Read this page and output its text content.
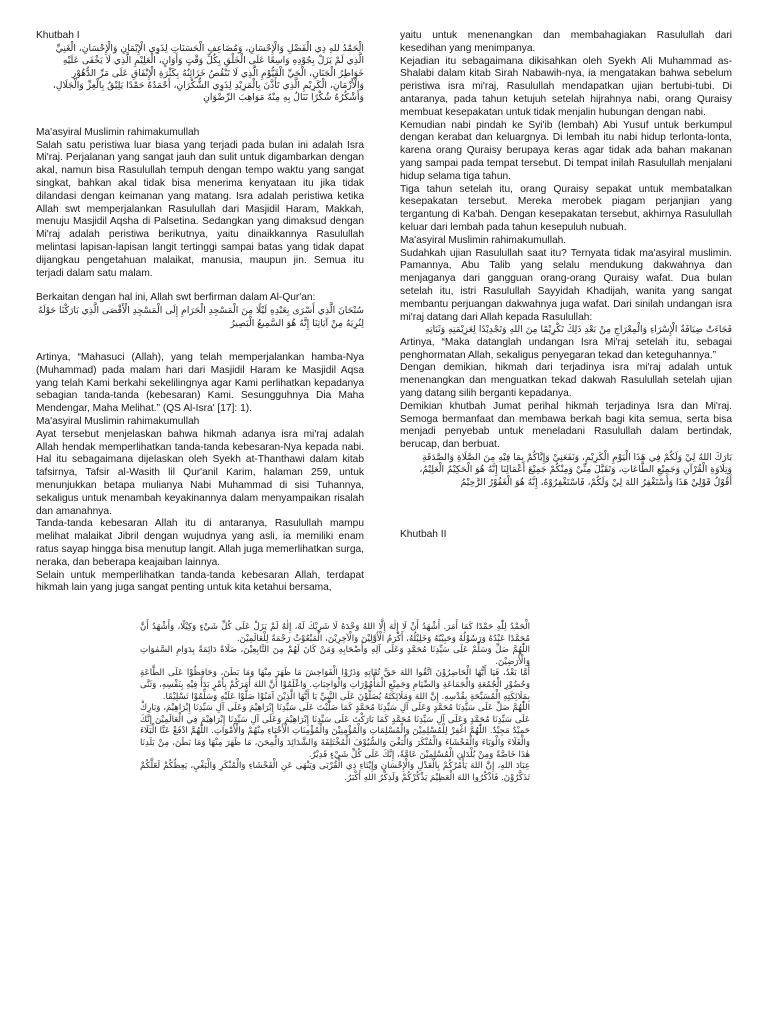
Khutbah I

الْحَمْدُ للهِ ذِي الْفَضْلِ وَالْإِحْسَانِ، وَمُضَاعِفِ الْحَسَنَاتِ لِذَوِي الْإِيْمَانِ وَالْإِحْسَانِ، الْغَنِيِّ الَّذِي لَمْ يَزَلْ بِجُوْدِهِ وَاسِعًا عَلَى الْخَلْقِ بِكُلِّ وَقْتٍ وَأَوَانٍ، الْعَلِيْمِ الَّذِي لَا يَخْفَى عَلَيْهِ خَوَاطِرُ الْجَنَانِ، الْحَيِّ الْقَيُّوْمِ الَّذِي لَا تَنْقُصُ خَزَائِنُهُ بِكَثْرَةِ الْإِنْفَاقِ عَلَى مَرِّ الدُّهُوْرِ وَالْأَزْمَانِ، الْكَرِيْمِ الَّذِي تَأَذَّنَ بِالْمَزِيْدِ لِذَوِي الشُّكْرَانِ، أَحْمَدُهُ حَمْدًا يَلِيْقُ بِالْعِزِّ وَالْجَلَالِ، وَأَشْكُرُهُ شُكْرًا نَنَالُ بِهِ مِنْهُ مَوَاهِبَ الرِّضْوَانِ

Ma'asyiral Muslimin rahimakumullah

Salah satu peristiwa luar biasa yang terjadi pada bulan ini adalah Isra Mi'raj. Perjalanan yang sangat jauh dan sulit untuk digambarkan dengan akal, namun bisa Rasulullah tempuh dengan tempo waktu yang sangat singkat, bahkan akal tidak bisa menerima kenyataan itu jika tidak dilandasi dengan keimanan yang matang. Isra adalah peristiwa ketika Allah swt memperjalankan Rasulullah dari Masjidil Haram, Makkah, menuju Masjidil Aqsha di Palsetina. Sedangkan yang dimaksud dengan Mi'raj adalah peristiwa berikutnya, yaitu dinaikkannya Rasulullah melintasi lapisan-lapisan langit tertinggi sampai batas yang tidak dapat dijangkau pengetahuan malaikat, manusia, maupun jin. Semua itu terjadi dalam satu malam.

Berkaitan dengan hal ini, Allah swt berfirman dalam Al-Qur'an:

سُبْحَانَ الَّذِي أَسْرَى بِعَبْدِهِ لَيْلًا مِنَ الْمَسْجِدِ الْحَرَامِ إِلَى الْمَسْجِدِ الْأَقْصَى الَّذِي بَارَكْنَا حَوْلَهُ لِنُرِيَهُ مِنْ آيَاتِنَا إِنَّهُ هُوَ السَّمِيعُ الْبَصِيرُ

Artinya, “Mahasuci (Allah), yang telah memperjalankan hamba-Nya (Muhammad) pada malam hari dari Masjidil Haram ke Masjidil Aqsa yang telah Kami berkahi sekelilingnya agar Kami perlihatkan kepadanya sebagian tanda-tanda (kebesaran) Kami. Sesungguhnya Dia Maha Mendengar, Maha Melihat.” (QS Al-Isra' [17]: 1).

Ma'asyiral Muslimin rahimakumullah

Ayat tersebut menjelaskan bahwa hikmah adanya isra mi'raj adalah Allah hendak memperlihatkan tanda-tanda kebesaran-Nya kepada nabi. Hal itu sebagaimana dijelaskan oleh Syekh at-Thanthawi dalam kitab tafsirnya, Tafsir al-Wasith lil Qur'anil Karim, halaman 259, untuk menunjukkan betapa mulianya Nabi Muhammad di sisi Tuhannya, sekaligus untuk menambah keyakinannya dalam menyampaikan risalah dan amanahnya.

Tanda-tanda kebesaran Allah itu di antaranya, Rasulullah mampu melihat malaikat Jibril dengan wujudnya yang asli, ia memiliki enam ratus sayap hingga bisa menutup langit. Allah juga memerlihatkan surga, neraka, dan beberapa keajaiban lainnya.

Selain untuk memperlihatkan tanda-tanda kebesaran Allah, terdapat hikmah lain yang juga sangat penting untuk kita ketahui bersama,

yaitu untuk menenangkan dan membahagiakan Rasulullah dari kesedihan yang menimpanya.

Kejadian itu sebagaimana dikisahkan oleh Syekh Ali Muhammad as-Shalabi dalam kitab Sirah Nabawih-nya, ia mengatakan bahwa sebelum peristiwa isra mi'raj, Rasulullah mendapatkan ujian bertubi-tubi. Di antaranya, pada tahun ketujuh setelah hijrahnya nabi, orang Quraisy membuat kesepakatan untuk tidak menjalin hubungan dengan nabi.

Kemudian nabi pindah ke Syi'ib (lembah) Abi Yusuf untuk berkumpul dengan kerabat dan keluargnya. Di lembah itu nabi hidup terlonta-lonta, karena orang Quraisy berupaya keras agar tidak ada bahan makanan yang sampai pada tempat tersebut. Di tempat inilah Rasulullah menjalani hidup selama tiga tahun.

Tiga tahun setelah itu, orang Quraisy sepakat untuk membatalkan kesepakatan tersebut. Mereka merobek piagam perjanjian yang tergantung di Ka'bah. Dengan kesepakatan tersebut, akhirnya Rasulullah keluar dari lembah pada tahun kesepuluh nubuah.

Ma'asyiral Muslimin rahimakumullah.

Sudahkah ujian Rasulullah saat itu? Ternyata tidak ma'asyiral muslimin. Pamannya, Abu Talib yang selalu mendukung dakwahnya dan menjaganya dari gangguan orang-orang Quraisy wafat. Dua bulan setelah itu, istri Rasulullah Sayyidah Khadijah, wanita yang sangat membantu perjuangan dakwahnya juga wafat. Dari sinilah undangan isra mi'raj datang dari Allah kepada Rasulullah:

فَجَاءَتْ ضِيَافَةُ الْإِسْرَاءِ وَالْمِعْرَاجِ مِنْ بَعْدِ ذَلِكَ تَكْرِيْمًا مِنَ اللهِ وَتَجْدِيْدًا لِعَزِيْمَتِهِ وَثَبَاتِهِ

Artinya, “Maka datanglah undangan Isra Mi'raj setelah itu, sebagai penghormatan Allah, sekaligus penyegaran tekad dan keteguhannya.”

Dengan demikian, hikmah dari terjadinya isra mi'raj adalah untuk menenangkan dan menguatkan tekad dakwah Rasulullah setelah ujian yang datang silih berganti kepadanya.

Demikian khutbah Jumat perihal hikmah terjadinya Isra dan Mi'raj. Semoga bermanfaat dan membawa berkah bagi kita semua, serta bisa menjadi penyebab untuk meneladani Rasulullah dalam bertindak, berucap, dan berbuat.

بَارَكَ اللهُ لِيْ وَلَكُمْ فِي هَذَا الْيَوْمِ الْكَرِيْمِ، وَنَفَعَنِيْ وَإِيَّاكُمْ بِمَا فِيْهِ مِنَ الصَّلَاةِ وَالصَّدَقَةِ وَتِلَاوَةِ الْقُرْآنِ وَجَمِيْعِ الطَّاعَاتِ، وَتَقَبَّلَ مِنِّيْ وَمِنْكُمْ جَمِيْعَ أَعْمَالِنَا إِنَّهُ هُوَ الْحَكِيْمُ الْعَلِيْمُ، أَقُوْلُ قَوْلِيْ هَذَا وَأَسْتَغْفِرُ اللهَ لِيْ وَلَكُمْ، فَاسْتَغْفِرُوْهُ، إِنَّهُ هُوَ الْغَفُوْرُ الرَّحِيْمُ

Khutbah II

الْحَمْدُ لِلّٰهِ حَمْدًا كَمَا أَمَرَ. أَشْهَدُ أَنْ لَا إِلٰهَ إِلَّا اللهُ وَحْدَهُ لَا شَرِيْكَ لَهُ، إِلٰهٌ لَمْ يَزَلْ عَلَى كُلِّ شَيْءٍ وَكِيْلًا، وَأَشْهَدُ أَنَّ مُحَمَّدًا عَبْدُهُ وَرَسُوْلُهُ وَحَبِيْبُهُ وَخَلِيْلُهُ، أَكْرَمُ الْأَوَّلِيْنَ وَالْآخِرِيْنَ، الْمَبْعُوْثُ رَحْمَةً لِلْعَالَمِيْنَ.

اللّٰهُمَّ صَلِّ وَسَلِّمْ عَلَى سَيِّدِنَا مُحَمَّدٍ وَعَلَى آلِهِ وَأَصْحَابِهِ وَمَنْ كَانَ لَهُمْ مِنَ التَّابِعِيْنَ، صَلَاةً دَائِمَةً بِدَوَامِ السَّمٰوَاتِ وَالْأَرَضِيْنَ.

أَمَّا بَعْدُ، فَيَا أَيُّهَا الْحَاضِرُوْنَ اتَّقُوا اللهَ حَقَّ تُقَاتِهِ وَذَرُوْا الْفَوَاحِشَ مَا ظَهَرَ مِنْهَا وَمَا بَطَنَ، وَحَافِظُوْا عَلَى الطَّاعَةِ وَحُضُوْرِ الْجُمُعَةِ وَالْجَمَاعَةِ وَالصِّيَامِ وَجَمِيْعِ الْمَأْمُوْرَاتِ وَالْوَاجِبَاتِ. وَاعْلَمُوْا أَنَّ اللهَ أَمَرَكُمْ بِأَمْرٍ بَدَأَ فِيْهِ بِنَفْسِهِ، وَثَنَّى بِمَلَائِكَتِهِ الْمُسَبِّحَةِ بِقُدْسِهِ. إِنَّ اللهَ وَمَلَائِكَتَهُ يُصَلُّوْنَ عَلَى النَّبِيِّ يَا أَيُّهَا الَّذِيْنَ آمَنُوْا صَلُّوْا عَلَيْهِ وَسَلِّمُوْا تَسْلِيْمًا.

اللّٰهُمَّ صَلِّ عَلَى سَيِّدِنَا مُحَمَّدٍ وَعَلَى آلِ سَيِّدِنَا مُحَمَّدٍ كَمَا صَلَّيْتَ عَلَى سَيِّدِنَا إِبْرَاهِيْمَ وَعَلَى آلِ سَيِّدِنَا إِبْرَاهِيْمَ، وَبَارِكْ عَلَى سَيِّدِنَا مُحَمَّدٍ وَعَلَى آلِ سَيِّدِنَا مُحَمَّدٍ كَمَا بَارَكْتَ عَلَى سَيِّدِنَا إِبْرَاهِيْمَ وَعَلَى آلِ سَيِّدِنَا إِبْرَاهِيْمَ فِي الْعَالَمِيْنَ إِنَّكَ حَمِيْدٌ مَجِيْدٌ. اللّٰهُمَّ اغْفِرْ لِلْمُسْلِمِيْنَ وَالْمُسْلِمَاتِ وَالْمُؤْمِنِيْنَ وَالْمُؤْمِنَاتِ الْأَحْيَاءِ مِنْهُمْ وَالْأَمْوَاتِ. اللّٰهُمَّ ادْفَعْ عَنَّا الْبَلَاءَ وَالْغَلَاءَ وَالْوَبَاءَ وَالْفَحْشَاءَ وَالْمُنْكَرَ وَالْبَغْيَ وَالسُّيُوْفَ الْمُخْتَلِفَةَ وَالشَّدَائِدَ وَالْمِحَنَ، مَا ظَهَرَ مِنْهَا وَمَا بَطَنَ، مِنْ بَلَدِنَا هٰذَا خَاصَّةً وَمِنْ بُلْدَانِ الْمُسْلِمِيْنَ عَامَّةً، إِنَّكَ عَلَى كُلِّ شَيْءٍ قَدِيْرٌ.

عِبَادَ اللهِ، إِنَّ اللهَ يَأْمُرُكُمْ بِالْعَدْلِ وَالْإِحْسَانِ وَإِيْتَاءِ ذِي الْقُرْبَى وَيَنْهَى عَنِ الْفَحْشَاءِ وَالْمُنْكَرِ وَالْبَغْيِ، يَعِظُكُمْ لَعَلَّكُمْ تَذَكَّرُوْنَ. فَاذْكُرُوا اللهَ الْعَظِيْمَ يَذْكُرْكُمْ وَلَذِكْرُ اللهِ أَكْبَرُ.
